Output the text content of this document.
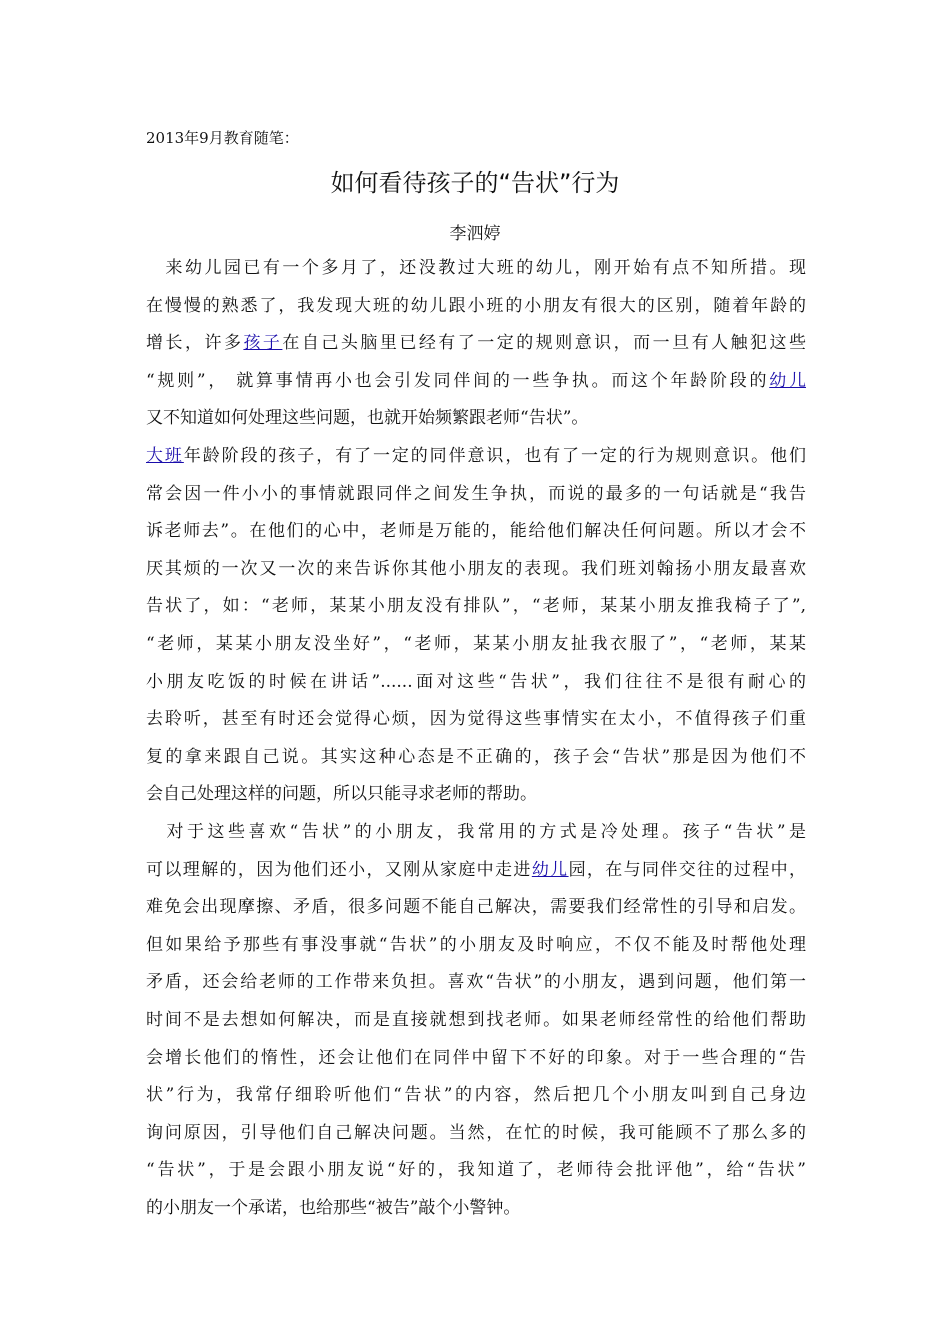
2013年9月教育随笔：
如何看待孩子的“告状”行为
李泗婷
　来幼儿园已有一个多月了，还没教过大班的幼儿，刚开始有点不知所措。现
在慢慢的熟悉了，我发现大班的幼儿跟小班的小朋友有很大的区别，随着年龄的
增长，许多孩子在自己头脑里已经有了一定的规则意识，而一旦有人触犯这些
“规则”， 就算事情再小也会引发同伴间的一些争执。而这个年龄阶段的幼儿
又不知道如何处理这些问题，也就开始频繁跟老师“告状”。
大班年龄阶段的孩子，有了一定的同伴意识，也有了一定的行为规则意识。他们
常会因一件小小的事情就跟同伴之间发生争执，而说的最多的一句话就是“我告
诉老师去”。在他们的心中，老师是万能的，能给他们解决任何问题。所以才会不
厌其烦的一次又一次的来告诉你其他小朋友的表现。我们班刘翰扬小朋友最喜欢
告状了，如：“老师，某某小朋友没有排队”，“老师，某某小朋友推我椅子了”,
“老师，某某小朋友没坐好”，“老师，某某小朋友扯我衣服了”，“老师，某某
小朋友吃饭的时候在讲话”......面对这些“告状”，我们往往不是很有耐心的
去聆听，甚至有时还会觉得心烦，因为觉得这些事情实在太小，不值得孩子们重
复的拿来跟自己说。其实这种心态是不正确的，孩子会“告状”那是因为他们不
会自己处理这样的问题，所以只能寻求老师的帮助。
　对于这些喜欢“告状”的小朋友，我常用的方式是冷处理。孩子“告状”是
可以理解的，因为他们还小，又刚从家庭中走进幼儿园，在与同伴交往的过程中，
难免会出现摩擦、矛盾，很多问题不能自己解决，需要我们经常性的引导和启发。
但如果给予那些有事没事就“告状”的小朋友及时响应，不仅不能及时帮他处理
矛盾，还会给老师的工作带来负担。喜欢“告状”的小朋友，遇到问题，他们第一
时间不是去想如何解决，而是直接就想到找老师。如果老师经常性的给他们帮助
会增长他们的惰性，还会让他们在同伴中留下不好的印象。对于一些合理的“告
状”行为，我常仔细聆听他们“告状”的内容，然后把几个小朋友叫到自己身边
询问原因，引导他们自己解决问题。当然，在忙的时候，我可能顾不了那么多的
“告状”，于是会跟小朋友说“好的，我知道了，老师待会批评他”，给“告状”
的小朋友一个承诺，也给那些“被告”敲个小警钟。
